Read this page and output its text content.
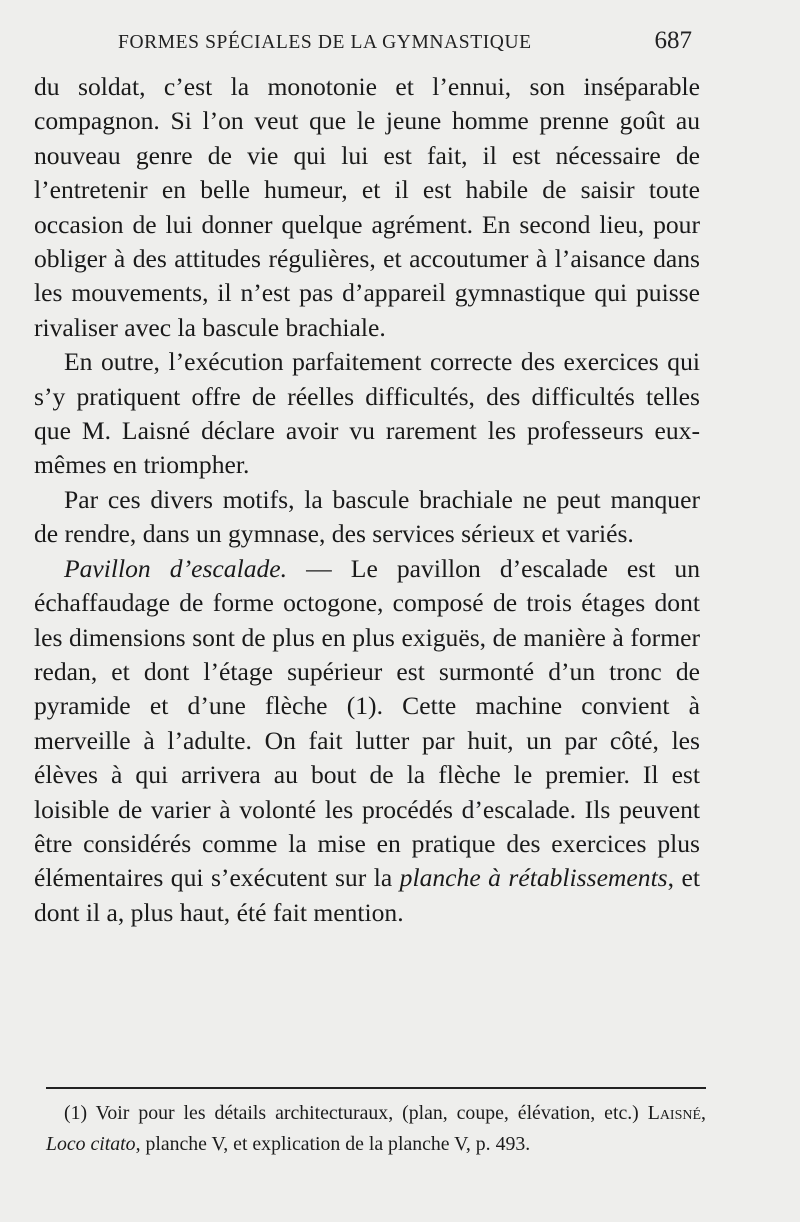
FORMES SPÉCIALES DE LA GYMNASTIQUE	687

du soldat, c’est la monotonie et l’ennui, son inséparable compagnon. Si l’on veut que le jeune homme prenne goût au nouveau genre de vie qui lui est fait, il est nécessaire de l’entretenir en belle humeur, et il est habile de saisir toute occasion de lui donner quelque agrément. En second lieu, pour obliger à des attitudes régulières, et accoutumer à l’aisance dans les mouvements, il n’est pas d’appareil gymnastique qui puisse rivaliser avec la bascule brachiale.

En outre, l’exécution parfaitement correcte des exercices qui s’y pratiquent offre de réelles difficultés, des difficultés telles que M. Laisné déclare avoir vu rarement les professeurs eux-mêmes en triompher.

Par ces divers motifs, la bascule brachiale ne peut manquer de rendre, dans un gymnase, des services sérieux et variés.

Pavillon d’escalade. — Le pavillon d’escalade est un échaffaudage de forme octogone, composé de trois étages dont les dimensions sont de plus en plus exiguës, de manière à former redan, et dont l’étage supérieur est surmonté d’un tronc de pyramide et d’une flèche (1). Cette machine convient à merveille à l’adulte. On fait lutter par huit, un par côté, les élèves à qui arrivera au bout de la flèche le premier. Il est loisible de varier à volonté les procédés d’escalade. Ils peuvent être considérés comme la mise en pratique des exercices plus élémentaires qui s’exécutent sur la planche à rétablissements, et dont il a, plus haut, été fait mention.

(1) Voir pour les détails architecturaux, (plan, coupe, élévation, etc.) Laisné, Loco citato, planche V, et explication de la planche V, p. 493.
